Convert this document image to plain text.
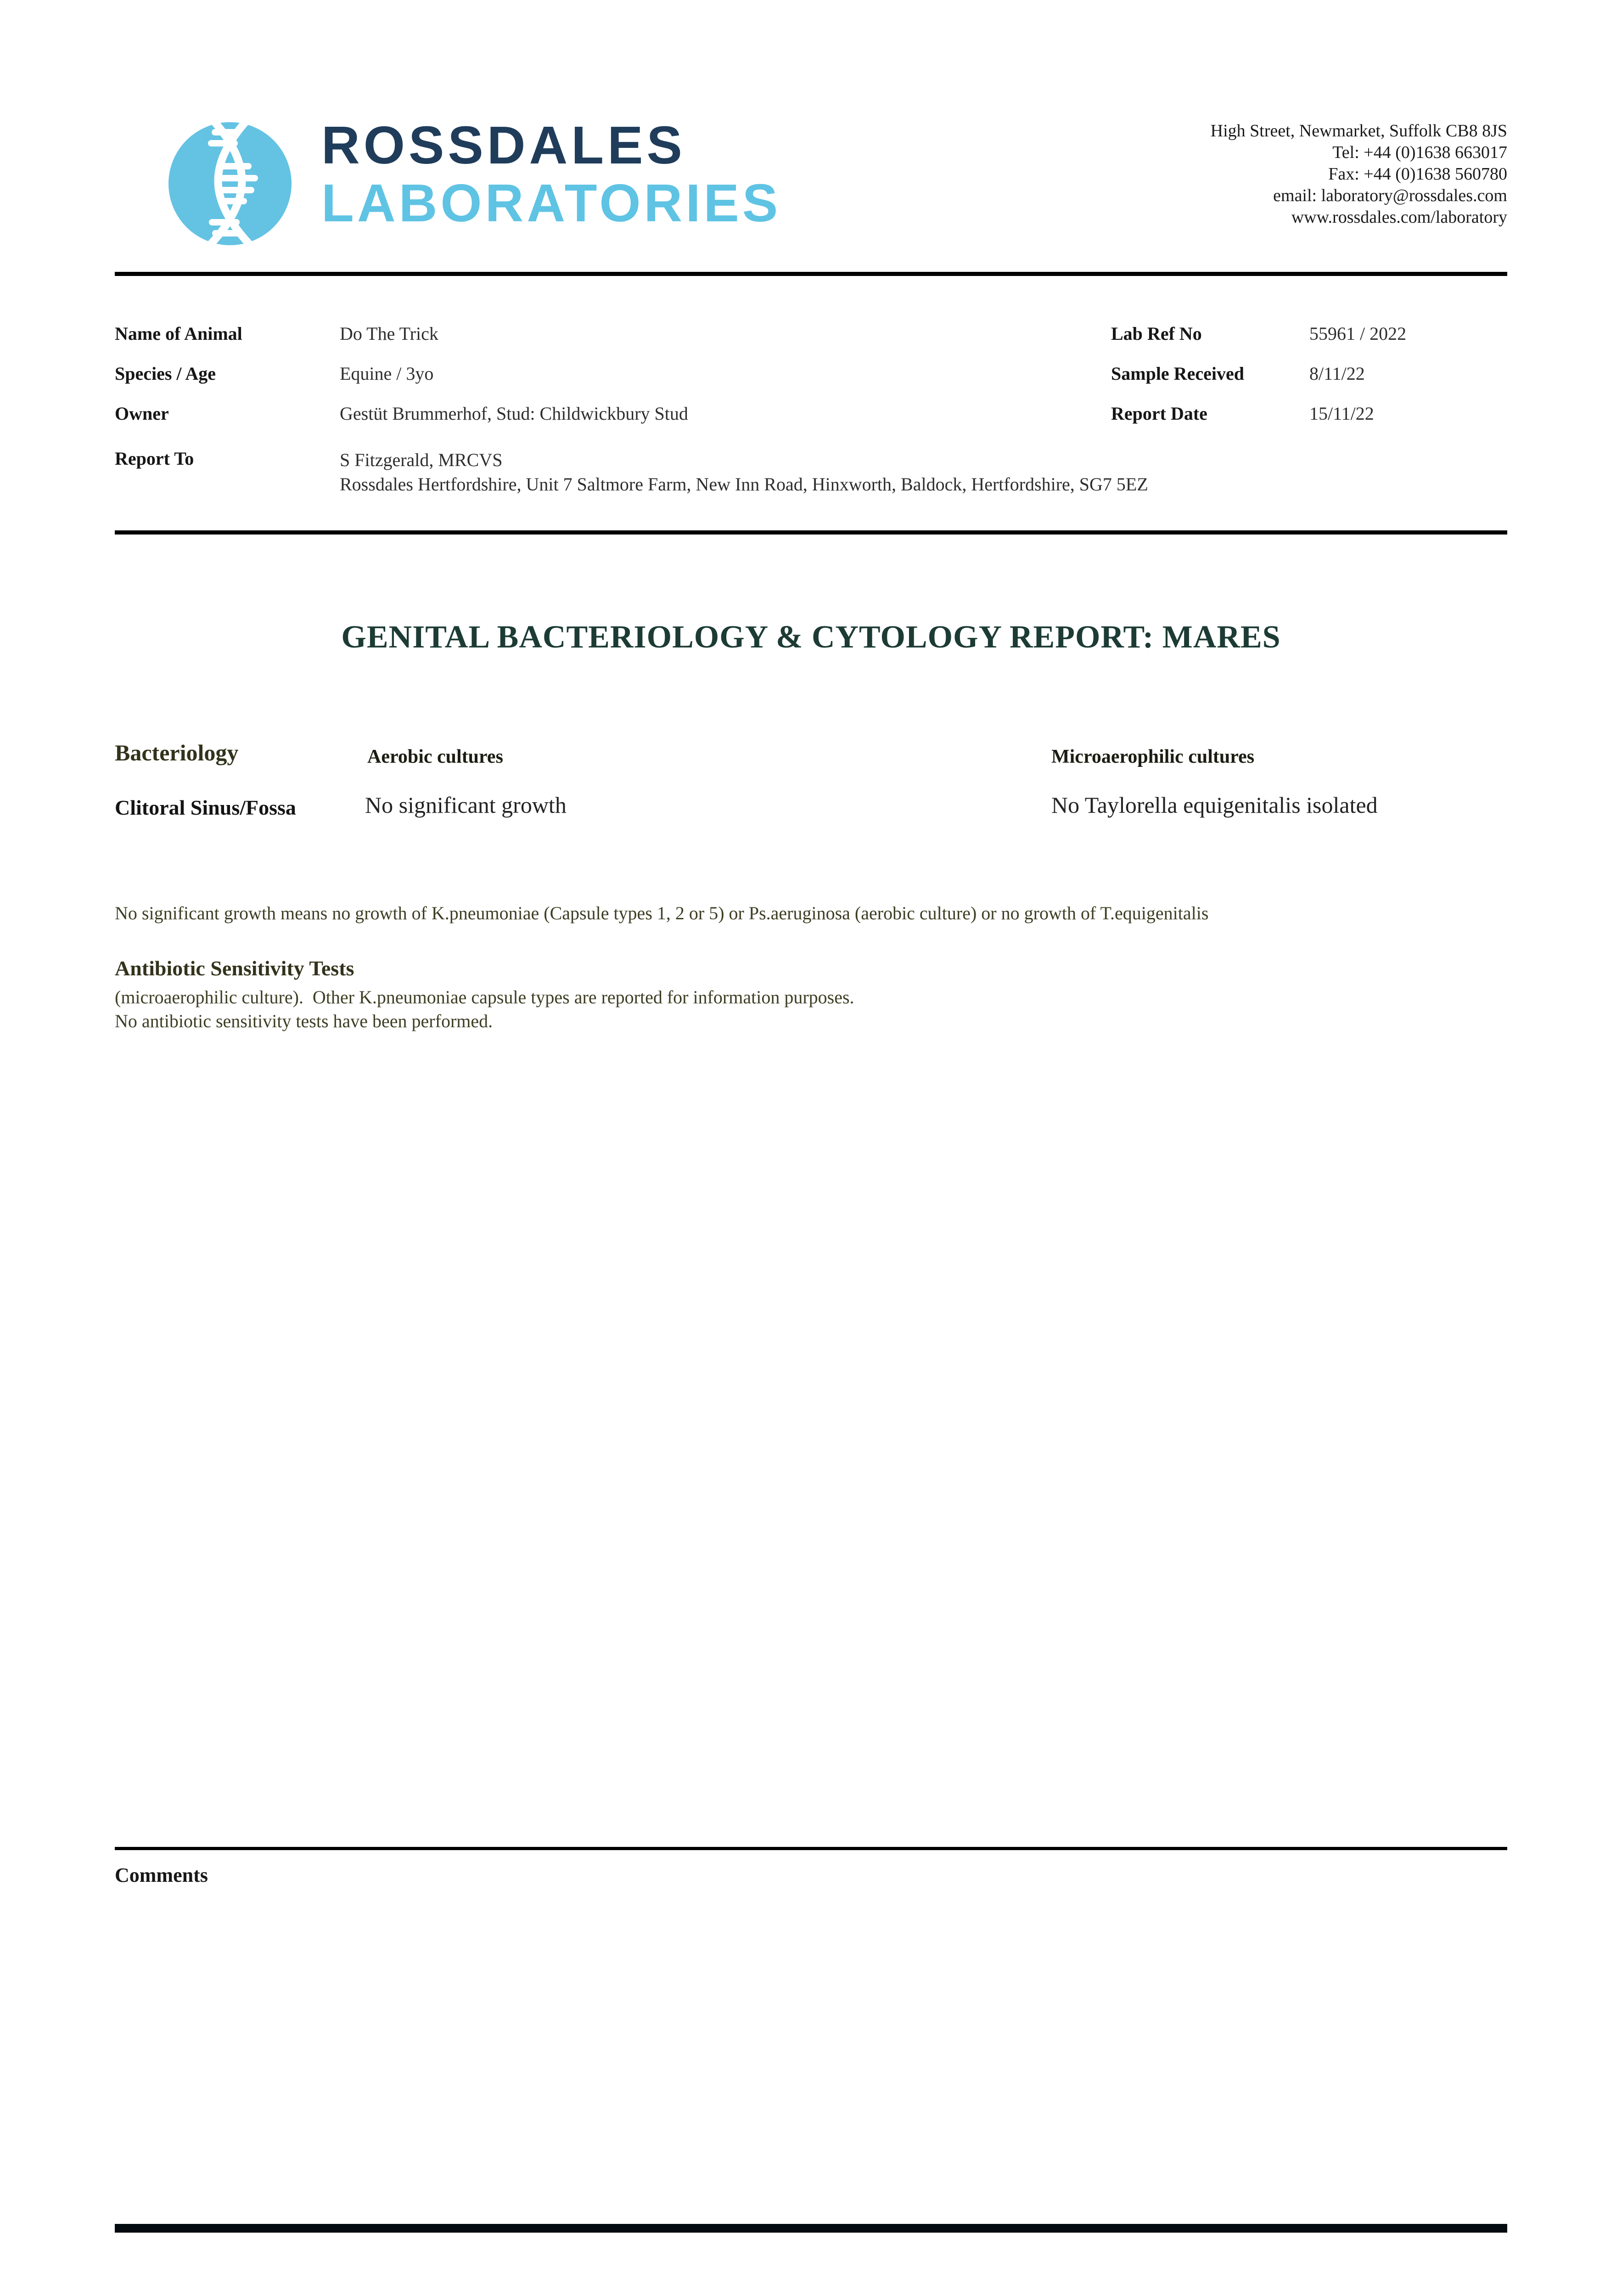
ROSSDALES
LABORATORIES
High Street, Newmarket, Suffolk CB8 8JS
Tel: +44 (0)1638 663017
Fax: +44 (0)1638 560780
email: laboratory@rossdales.com
www.rossdales.com/laboratory
Name of Animal	Do The Trick
Species / Age	Equine / 3yo
Owner	Gestüt Brummerhof, Stud: Childwickbury Stud
Report To	S Fitzgerald, MRCVS
Rossdales Hertfordshire, Unit 7 Saltmore Farm, New Inn Road, Hinxworth, Baldock, Hertfordshire, SG7 5EZ
Lab Ref No	55961 / 2022
Sample Received	8/11/22
Report Date	15/11/22
GENITAL BACTERIOLOGY & CYTOLOGY REPORT: MARES
Bacteriology	Aerobic cultures	Microaerophilic cultures
Clitoral Sinus/Fossa	No significant growth	No Taylorella equigenitalis isolated

No significant growth means no growth of K.pneumoniae (Capsule types 1, 2 or 5) or Ps.aeruginosa (aerobic culture) or no growth of T.equigenitalis

(microaerophilic culture).  Other K.pneumoniae capsule types are reported for information purposes.

Antibiotic Sensitivity Tests
No antibiotic sensitivity tests have been performed.
Comments
